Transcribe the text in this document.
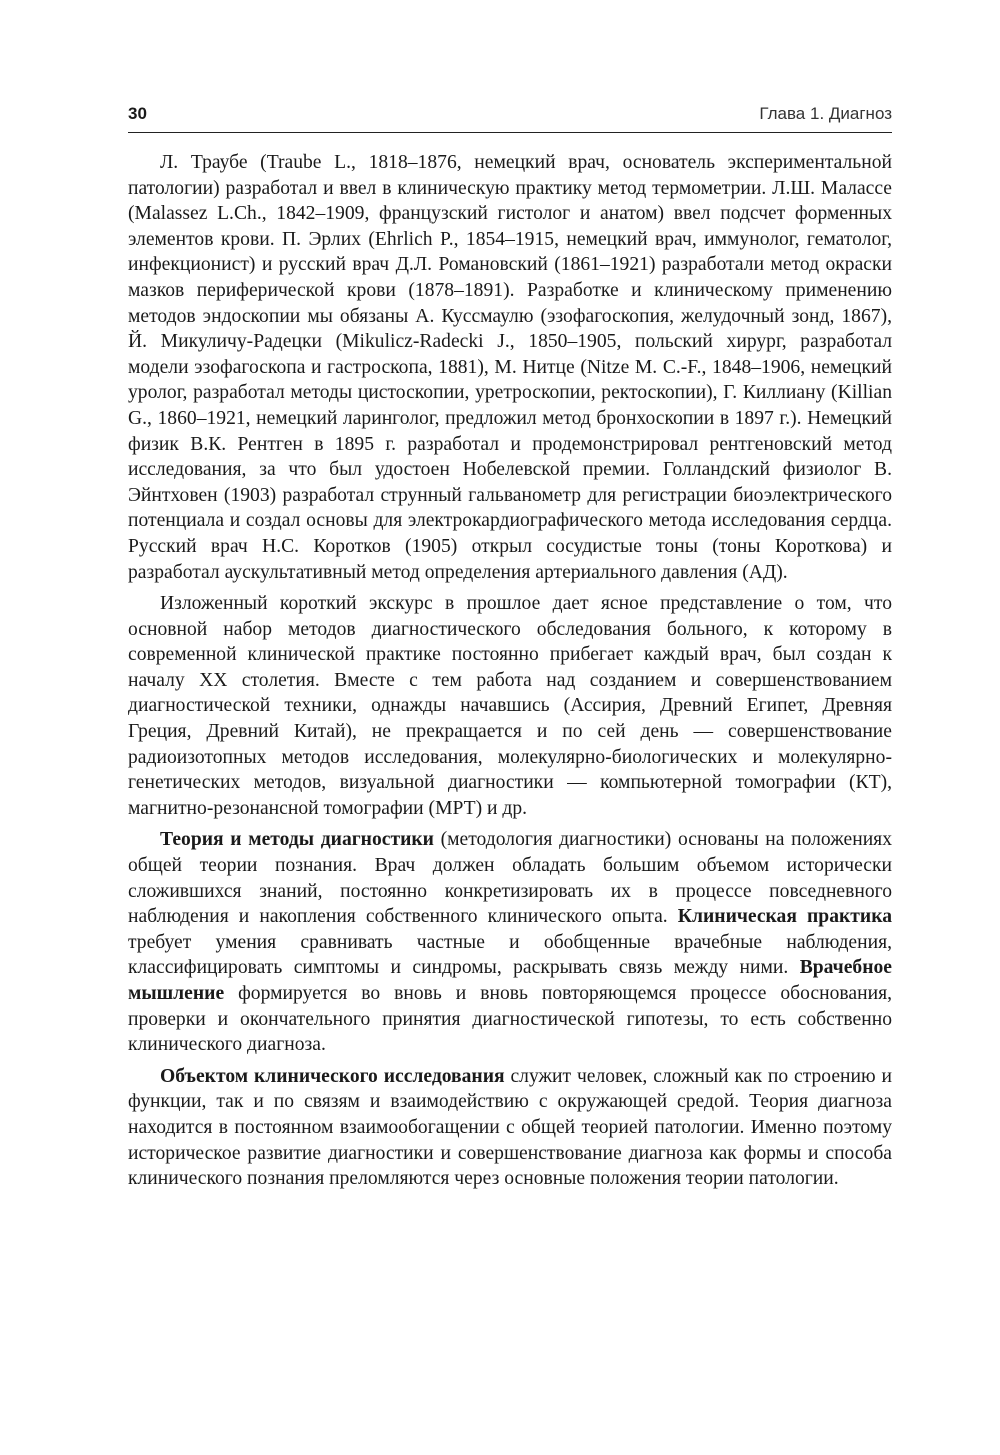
30	Глава 1. Диагноз

Л. Траубе (Traube L., 1818–1876, немецкий врач, основатель экспериментальной патологии) разработал и ввел в клиническую практику метод термометрии. Л.Ш. Малассе (Malassez L.Ch., 1842–1909, французский гистолог и анатом) ввел подсчет форменных элементов крови. П. Эрлих (Ehrlich P., 1854–1915, немецкий врач, иммунолог, гематолог, инфекционист) и русский врач Д.Л. Романовский (1861–1921) разработали метод окраски мазков периферической крови (1878–1891). Разработке и клиническому применению методов эндоскопии мы обязаны А. Куссмаулю (эзофагоскопия, желудочный зонд, 1867), Й. Микуличу-Радецки (Mikulicz-Radecki J., 1850–1905, польский хирург, разработал модели эзофагоскопа и гастроскопа, 1881), М. Нитце (Nitze M. C.-F., 1848–1906, немецкий уролог, разработал методы цистоскопии, уретроскопии, ректоскопии), Г. Киллиану (Killian G., 1860–1921, немецкий ларинголог, предложил метод бронхоскопии в 1897 г.). Немецкий физик В.К. Рентген в 1895 г. разработал и продемонстрировал рентгеновский метод исследования, за что был удостоен Нобелевской премии. Голландский физиолог В. Эйнтховен (1903) разработал струнный гальванометр для регистрации биоэлектрического потенциала и создал основы для электрокардиографического метода исследования сердца. Русский врач Н.С. Коротков (1905) открыл сосудистые тоны (тоны Короткова) и разработал аускультативный метод определения артериального давления (АД).

Изложенный короткий экскурс в прошлое дает ясное представление о том, что основной набор методов диагностического обследования больного, к которому в современной клинической практике постоянно прибегает каждый врач, был создан к началу XX столетия. Вместе с тем работа над созданием и совершенствованием диагностической техники, однажды начавшись (Ассирия, Древний Египет, Древняя Греция, Древний Китай), не прекращается и по сей день — совершенствование радиоизотопных методов исследования, молекулярно-биологических и молекулярно-генетических методов, визуальной диагностики — компьютерной томографии (КТ), магнитно-резонансной томографии (МРТ) и др.

Теория и методы диагностики (методология диагностики) основаны на положениях общей теории познания. Врач должен обладать большим объемом исторически сложившихся знаний, постоянно конкретизировать их в процессе повседневного наблюдения и накопления собственного клинического опыта. Клиническая практика требует умения сравнивать частные и обобщенные врачебные наблюдения, классифицировать симптомы и синдромы, раскрывать связь между ними. Врачебное мышление формируется во вновь и вновь повторяющемся процессе обоснования, проверки и окончательного принятия диагностической гипотезы, то есть собственно клинического диагноза.

Объектом клинического исследования служит человек, сложный как по строению и функции, так и по связям и взаимодействию с окружающей средой. Теория диагноза находится в постоянном взаимообогащении с общей теорией патологии. Именно поэтому историческое развитие диагностики и совершенствование диагноза как формы и способа клинического познания преломляются через основные положения теории патологии.
